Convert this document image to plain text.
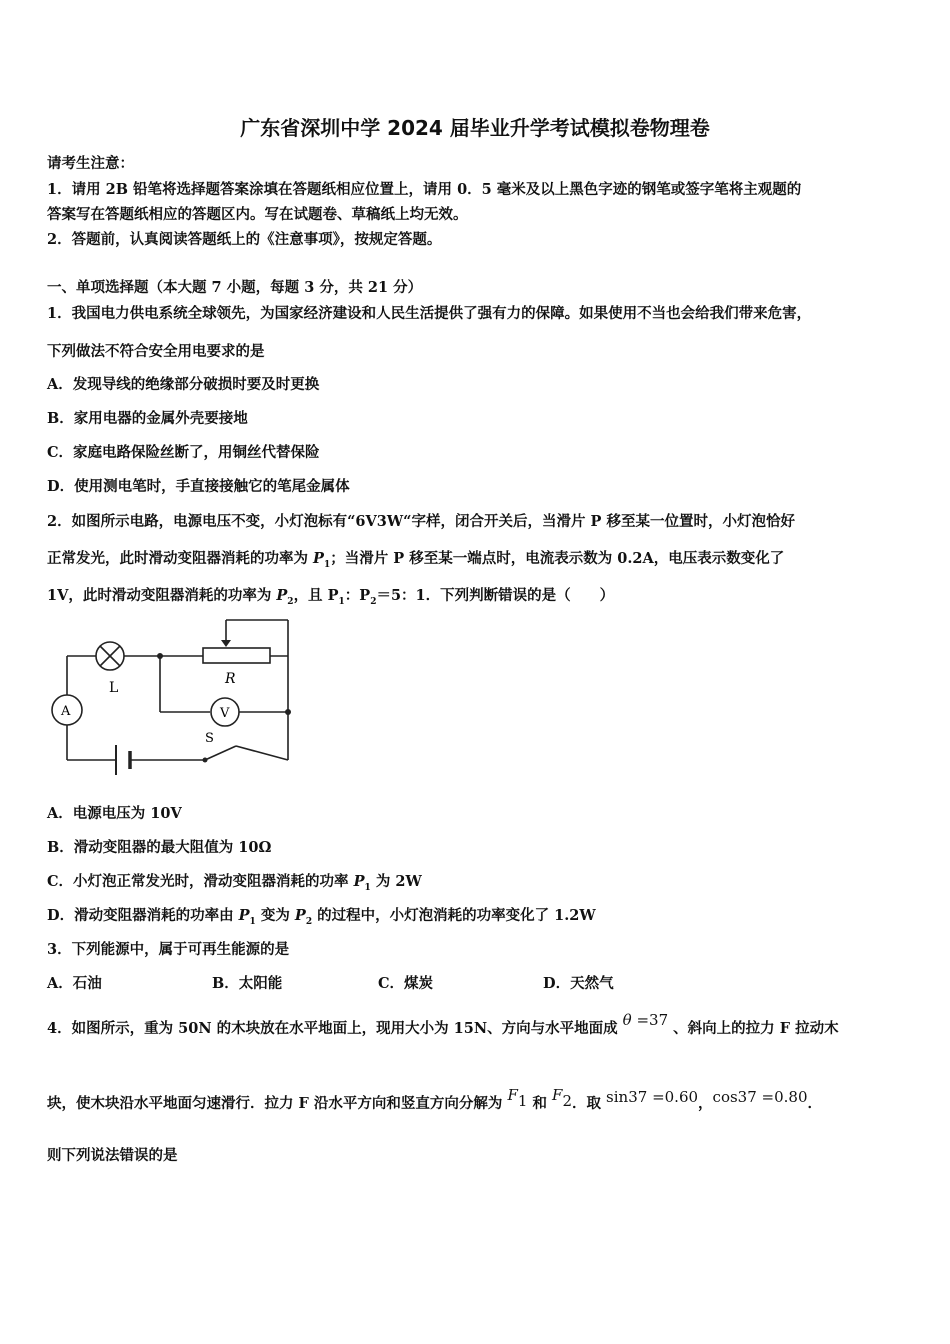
广东省深圳中学 2024 届毕业升学考试模拟卷物理卷
请考生注意：
1．请用 2B 铅笔将选择题答案涂填在答题纸相应位置上，请用 0．5 毫米及以上黑色字迹的钢笔或签字笔将主观题的
答案写在答题纸相应的答题区内。写在试题卷、草稿纸上均无效。
2．答题前，认真阅读答题纸上的《注意事项》，按规定答题。
一、单项选择题（本大题 7 小题，每题 3 分，共 21 分）
1．我国电力供电系统全球领先，为国家经济建设和人民生活提供了强有力的保障。如果使用不当也会给我们带来危害，
下列做法不符合安全用电要求的是
A．发现导线的绝缘部分破损时要及时更换
B．家用电器的金属外壳要接地
C．家庭电路保险丝断了，用铜丝代替保险
D．使用测电笔时，手直接接触它的笔尾金属体
2．如图所示电路，电源电压不变，小灯泡标有“6V3W“字样，闭合开关后，当滑片 P 移至某一位置时，小灯泡恰好
正常发光，此时滑动变阻器消耗的功率为 $P_1$；当滑片 P 移至某一端点时，电流表示数为 0.2A，电压表示数变化了
1V，此时滑动变阻器消耗的功率为 $P_2$，且 $P_1$：$P_2=5$：1．下列判断错误的是（　　）
L
R
A	V
S
A．电源电压为 10V
B．滑动变阻器的最大阻值为 10Ω
C．小灯泡正常发光时，滑动变阻器消耗的功率 $P_1$ 为 2W
D．滑动变阻器消耗的功率由 $P_1$ 变为 $P_2$ 的过程中，小灯泡消耗的功率变化了 1.2W
3．下列能源中，属于可再生能源的是
A．石油	B．太阳能	C．煤炭	D．天然气
4．如图所示，重为 50N 的木块放在水平地面上，现用大小为 15N、方向与水平地面成 θ =37 、斜向上的拉力 F 拉动木
块，使木块沿水平地面匀速滑行．拉力 F 沿水平方向和竖直方向分解为 $F_1$ 和 $F_2$．取 sin37 =0.60，cos37 =0.80．
则下列说法错误的是
